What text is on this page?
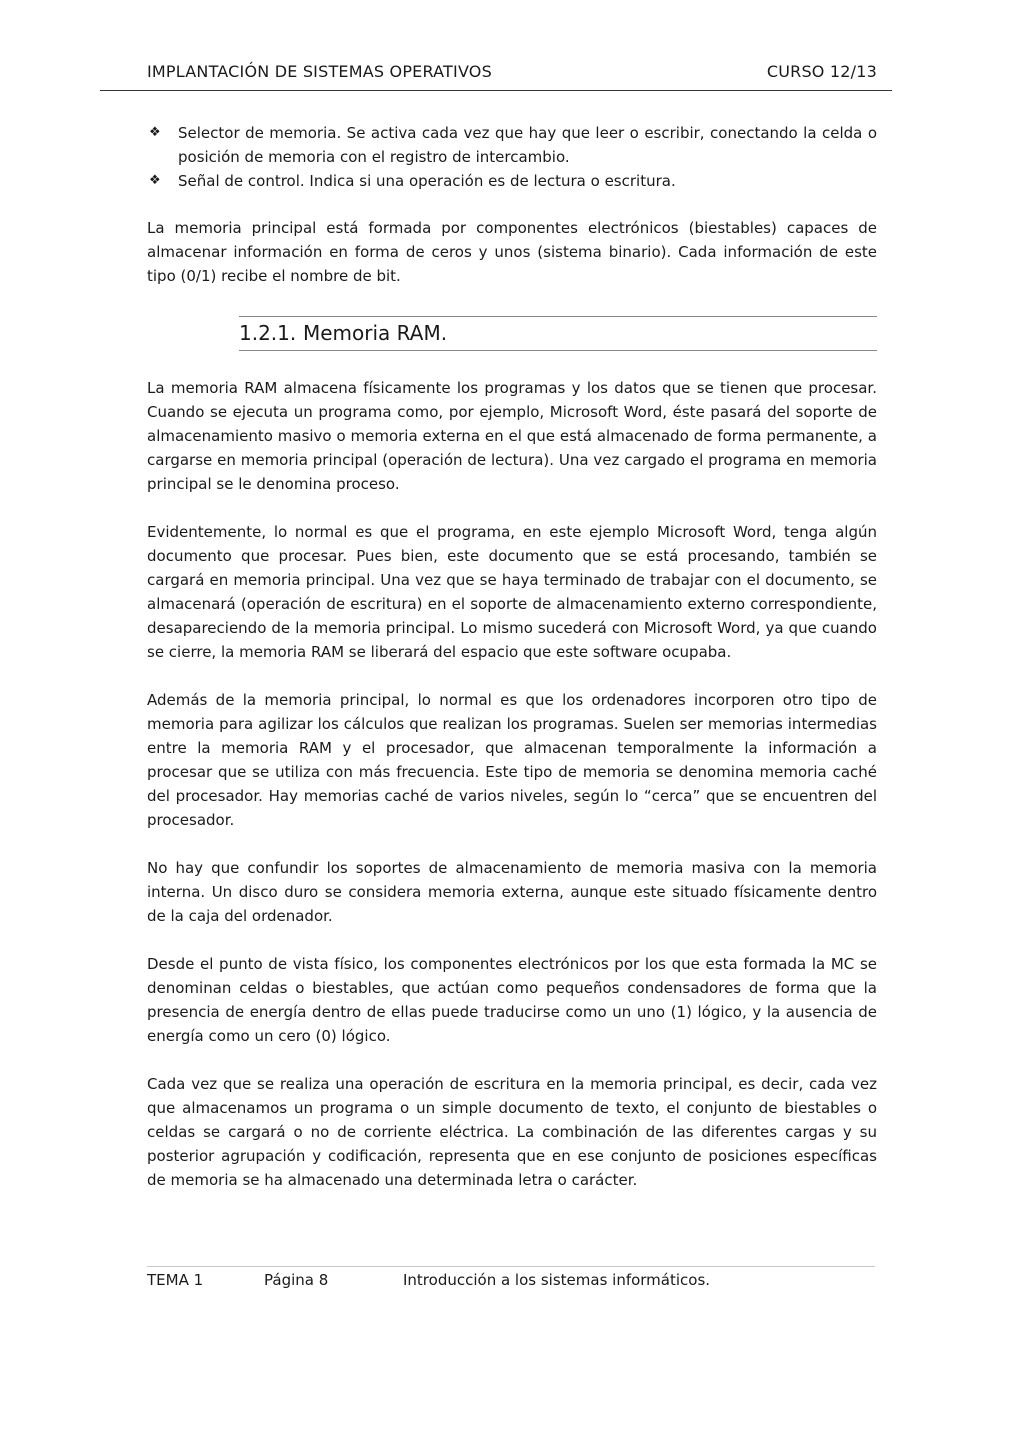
IMPLANTACIÓN DE SISTEMAS OPERATIVOS	CURSO 12/13
❖ Selector de memoria. Se activa cada vez que hay que leer o escribir, conectando la celda o posición de memoria con el registro de intercambio.
❖ Señal de control. Indica si una operación es de lectura o escritura.

La memoria principal está formada por componentes electrónicos (biestables) capaces de almacenar información en forma de ceros y unos (sistema binario). Cada información de este tipo (0/1) recibe el nombre de bit.

1.2.1. Memoria RAM.

La memoria RAM almacena físicamente los programas y los datos que se tienen que procesar. Cuando se ejecuta un programa como, por ejemplo, Microsoft Word, éste pasará del soporte de almacenamiento masivo o memoria externa en el que está almacenado de forma permanente, a cargarse en memoria principal (operación de lectura). Una vez cargado el programa en memoria principal se le denomina proceso.

Evidentemente, lo normal es que el programa, en este ejemplo Microsoft Word, tenga algún documento que procesar. Pues bien, este documento que se está procesando, también se cargará en memoria principal. Una vez que se haya terminado de trabajar con el documento, se almacenará (operación de escritura) en el soporte de almacenamiento externo correspondiente, desapareciendo de la memoria principal. Lo mismo sucederá con Microsoft Word, ya que cuando se cierre, la memoria RAM se liberará del espacio que este software ocupaba.

Además de la memoria principal, lo normal es que los ordenadores incorporen otro tipo de memoria para agilizar los cálculos que realizan los programas. Suelen ser memorias intermedias entre la memoria RAM y el procesador, que almacenan temporalmente la información a procesar que se utiliza con más frecuencia. Este tipo de memoria se denomina memoria caché del procesador. Hay memorias caché de varios niveles, según lo “cerca” que se encuentren del procesador.

No hay que confundir los soportes de almacenamiento de memoria masiva con la memoria interna. Un disco duro se considera memoria externa, aunque este situado físicamente dentro de la caja del ordenador.

Desde el punto de vista físico, los componentes electrónicos por los que esta formada la MC se denominan celdas o biestables, que actúan como pequeños condensadores de forma que la presencia de energía dentro de ellas puede traducirse como un uno (1) lógico, y la ausencia de energía como un cero (0) lógico.

Cada vez que se realiza una operación de escritura en la memoria principal, es decir, cada vez que almacenamos un programa o un simple documento de texto, el conjunto de biestables o celdas se cargará o no de corriente eléctrica. La combinación de las diferentes cargas y su posterior agrupación y codificación, representa que en ese conjunto de posiciones específicas de memoria se ha almacenado una determinada letra o carácter.

TEMA 1	Página 8	Introducción a los sistemas informáticos.
